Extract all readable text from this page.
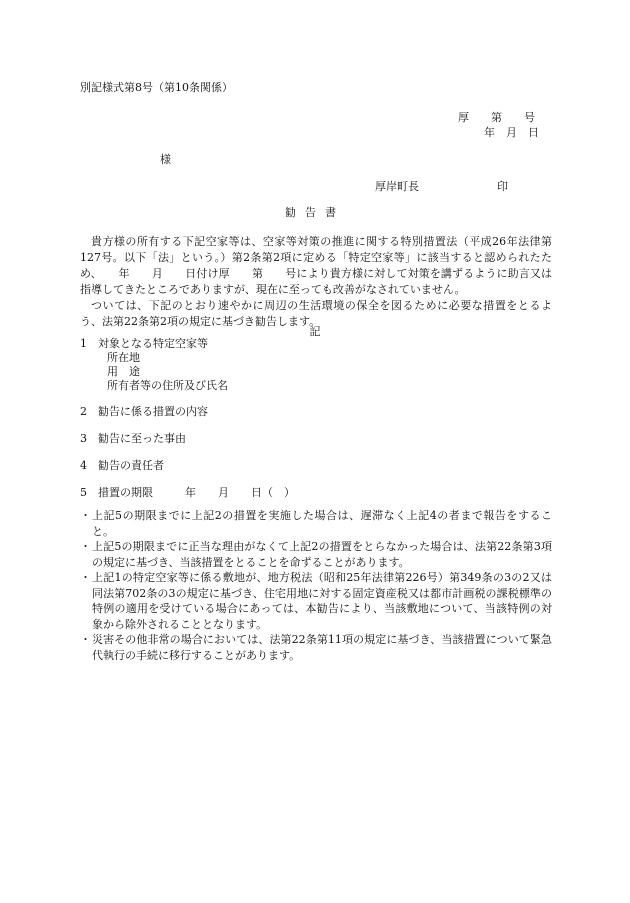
別記様式第8号（第10条関係）
厚　　第　　号
年　月　日
様
厚岸町長	印
勧告書

貴方様の所有する下記空家等は、空家等対策の推進に関する特別措置法（平成26年法律第127号。以下「法」という。）第2条第2項に定める「特定空家等」に該当すると認められたため、　　年　　月　　日付け厚　　第　　号により貴方様に対して対策を講ずるように助言又は指導してきたところでありますが、現在に至っても改善がなされていません。

ついては、下記のとおり速やかに周辺の生活環境の保全を図るために必要な措置をとるよう、法第22条第2項の規定に基づき勧告します。

記
1 対象となる特定空家等
所在地
用　途
所有者等の住所及び氏名
2 勧告に係る措置の内容
3 勧告に至った事由
4 勧告の責任者
5 措置の期限	年　　月　　日（　）
・ 上記5の期限までに上記2の措置を実施した場合は、遅滞なく上記4の者まで報告をすること。
・ 上記5の期限までに正当な理由がなくて上記2の措置をとらなかった場合は、法第22条第3項の規定に基づき、当該措置をとることを命ずることがあります。
・ 上記1の特定空家等に係る敷地が、地方税法（昭和25年法律第226号）第349条の3の2又は同法第702条の3の規定に基づき、住宅用地に対する固定資産税又は都市計画税の課税標準の特例の適用を受けている場合にあっては、本勧告により、当該敷地について、当該特例の対象から除外されることとなります。
・ 災害その他非常の場合においては、法第22条第11項の規定に基づき、当該措置について緊急代執行の手続に移行することがあります。
